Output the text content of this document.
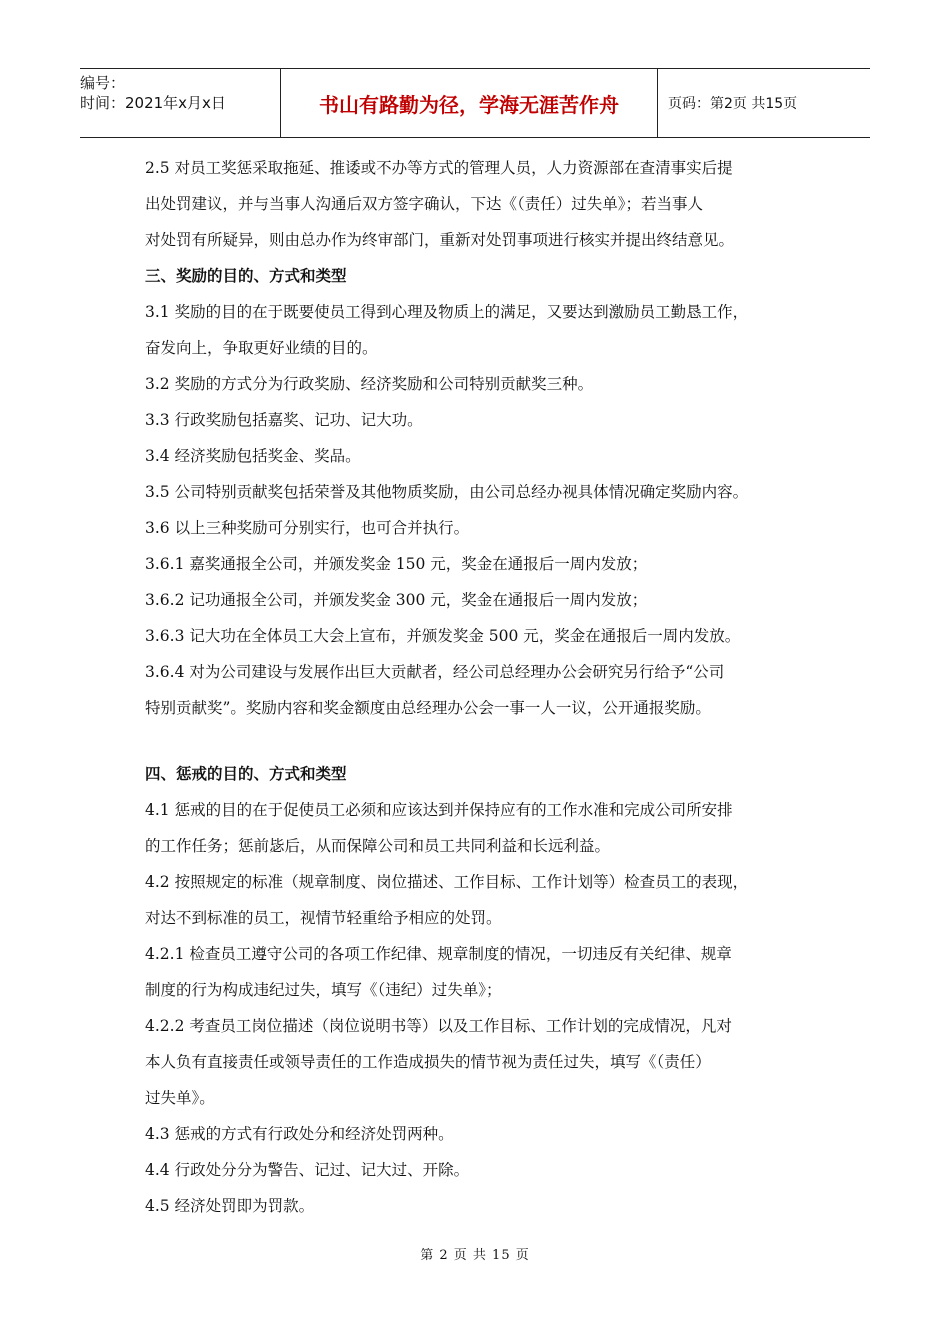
编号：
时间：2021年x月x日	书山有路勤为径，学海无涯苦作舟	页码：第2页 共15页

2.5 对员工奖惩采取拖延、推诿或不办等方式的管理人员，人力资源部在查清事实后提

出处罚建议，并与当事人沟通后双方签字确认，下达《（责任）过失单》；若当事人

对处罚有所疑异，则由总办作为终审部门，重新对处罚事项进行核实并提出终结意见。

三、奖励的目的、方式和类型

3.1 奖励的目的在于既要使员工得到心理及物质上的满足，又要达到激励员工勤恳工作，

奋发向上，争取更好业绩的目的。

3.2 奖励的方式分为行政奖励、经济奖励和公司特别贡献奖三种。

3.3 行政奖励包括嘉奖、记功、记大功。

3.4 经济奖励包括奖金、奖品。

3.5 公司特别贡献奖包括荣誉及其他物质奖励，由公司总经办视具体情况确定奖励内容。

3.6 以上三种奖励可分别实行，也可合并执行。

3.6.1 嘉奖通报全公司，并颁发奖金 150 元，奖金在通报后一周内发放；

3.6.2 记功通报全公司，并颁发奖金 300 元，奖金在通报后一周内发放；

3.6.3 记大功在全体员工大会上宣布，并颁发奖金 500 元，奖金在通报后一周内发放。

3.6.4 对为公司建设与发展作出巨大贡献者，经公司总经理办公会研究另行给予“公司

特别贡献奖”。奖励内容和奖金额度由总经理办公会一事一人一议，公开通报奖励。

四、惩戒的目的、方式和类型

4.1 惩戒的目的在于促使员工必须和应该达到并保持应有的工作水准和完成公司所安排

的工作任务；惩前毖后，从而保障公司和员工共同利益和长远利益。

4.2 按照规定的标准（规章制度、岗位描述、工作目标、工作计划等）检查员工的表现，

对达不到标准的员工，视情节轻重给予相应的处罚。

4.2.1 检查员工遵守公司的各项工作纪律、规章制度的情况，一切违反有关纪律、规章

制度的行为构成违纪过失，填写《（违纪）过失单》；

4.2.2 考查员工岗位描述（岗位说明书等）以及工作目标、工作计划的完成情况，凡对

本人负有直接责任或领导责任的工作造成损失的情节视为责任过失，填写《（责任）

过失单》。

4.3 惩戒的方式有行政处分和经济处罚两种。

4.4 行政处分分为警告、记过、记大过、开除。

4.5 经济处罚即为罚款。

第 2 页 共 15 页
